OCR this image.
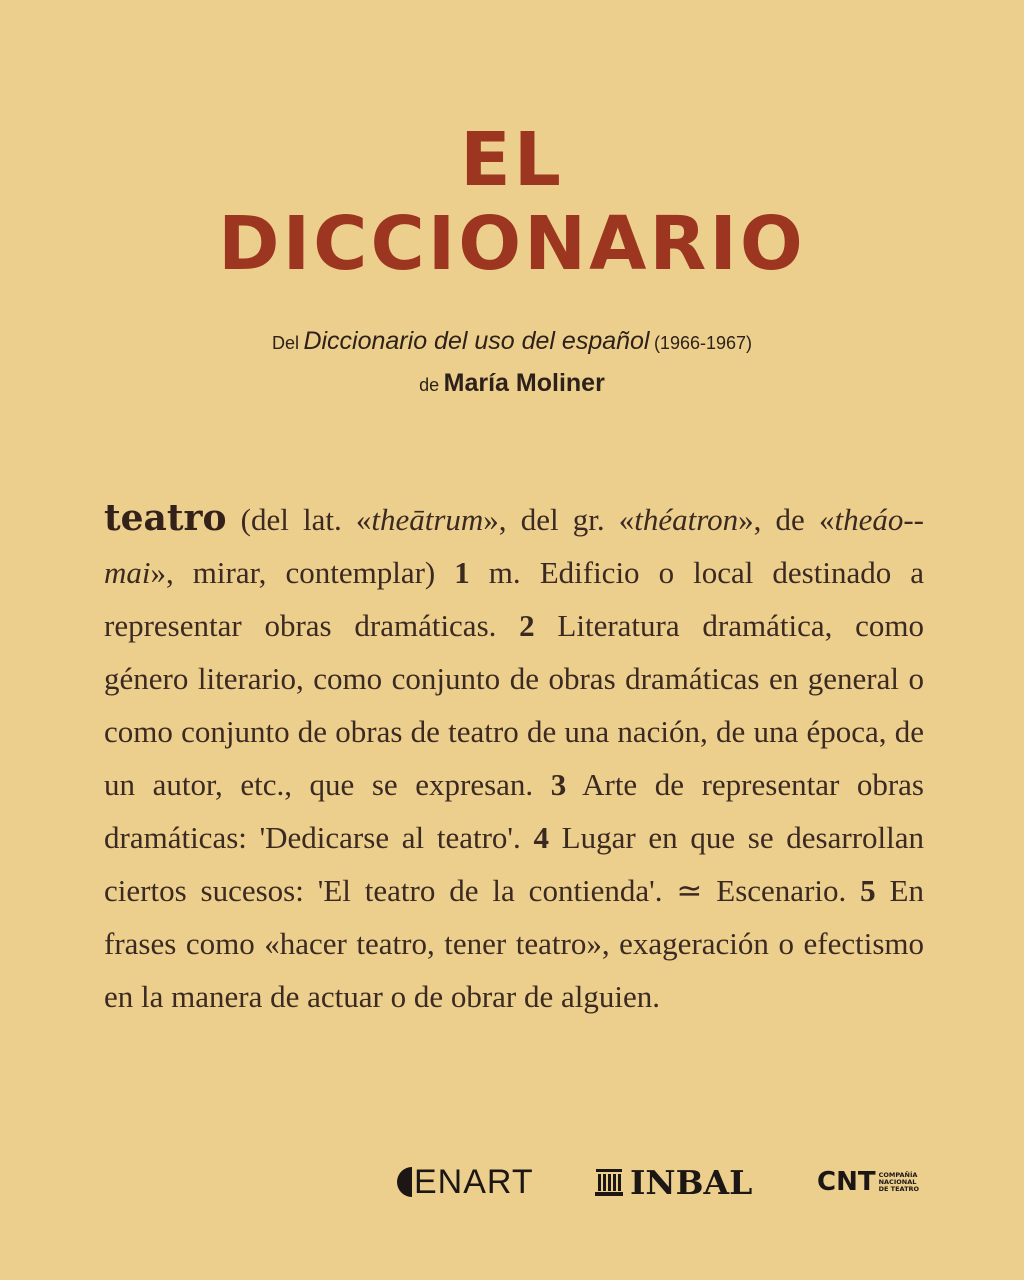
EL
DICCIONARIO
Del Diccionario del uso del español (1966-1967)
de María Moliner
teatro (del lat. «theātrum», del gr. «théatron», de «theáo-mai», mirar, contemplar) 1 m. Edificio o local destinado a representar obras dramáticas. 2 Literatura dramática, como género literario, como conjunto de obras dramáticas en general o como conjunto de obras de teatro de una nación, de una época, de un autor, etc., que se expresan. 3 Arte de representar obras dramáticas: 'Dedicarse al teatro'. 4 Lugar en que se desarrollan ciertos sucesos: 'El teatro de la contienda'. ≃ Escenario. 5 En frases como «hacer teatro, tener teatro», exageración o efectismo en la manera de actuar o de obrar de alguien.
ENART	INBAL CNT COMPAÑÍA
NACIONAL
DE TEATRO
